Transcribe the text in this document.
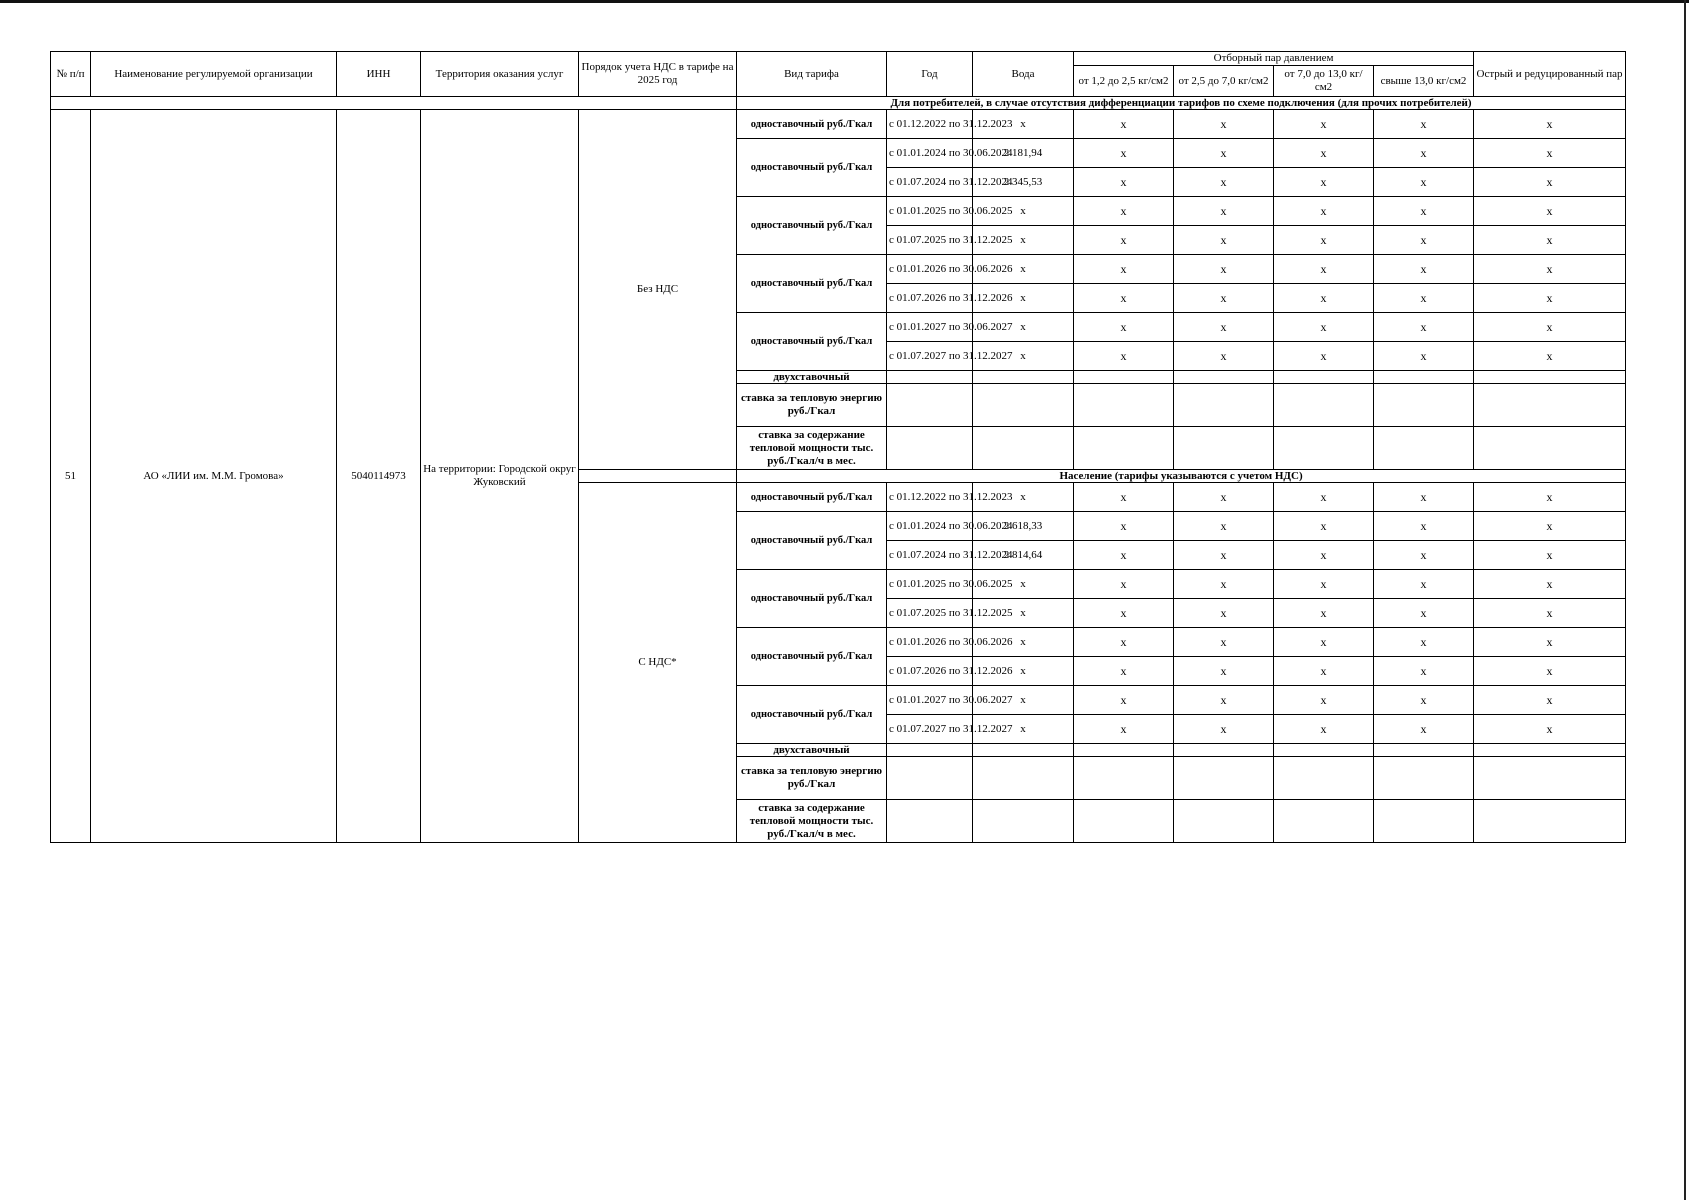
№ п/п	Наименование регулируемой организации	ИНН	Территория оказания услуг	Порядок учета НДС в тарифе на 2025 год	Вид тарифа	Год	Вода	Отборный пар давлением				Острый и редуцированный пар
								от 1,2 до 2,5 кг/см2	от 2,5 до 7,0 кг/см2	от 7,0 до 13,0 кг/см2	свыше 13,0 кг/см2	
					Для потребителей, в случае отсутствия дифференциации тарифов по схеме подключения (для прочих потребителей)							
51	АО «ЛИИ им. М.М. Громова»	5040114973	На территории: Городской округ Жуковский	Без НДС	одноставочный руб./Гкал	с 01.12.2022 по 31.12.2023	x	x	x	x	x	x
					одноставочный руб./Гкал	с 01.01.2024 по 30.06.2024	2 181,94	x	x	x	x	x
						с 01.07.2024 по 31.12.2024	2 345,53	x	x	x	x	x
					одноставочный руб./Гкал	с 01.01.2025 по 30.06.2025	x	x	x	x	x	x
						с 01.07.2025 по 31.12.2025	x	x	x	x	x	x
					одноставочный руб./Гкал	с 01.01.2026 по 30.06.2026	x	x	x	x	x	x
						с 01.07.2026 по 31.12.2026	x	x	x	x	x	x
					одноставочный руб./Гкал	с 01.01.2027 по 30.06.2027	x	x	x	x	x	x
						с 01.07.2027 по 31.12.2027	x	x	x	x	x	x
					двухставочный							
					ставка за тепловую энергию руб./Гкал							
					ставка за содержание тепловой мощности тыс. руб./Гкал/ч в мес.							
					Население (тарифы указываются с учетом НДС)							
				С НДС*	одноставочный руб./Гкал	с 01.12.2022 по 31.12.2023	x	x	x	x	x	x
					одноставочный руб./Гкал	с 01.01.2024 по 30.06.2024	2 618,33	x	x	x	x	x
						с 01.07.2024 по 31.12.2024	2 814,64	x	x	x	x	x
					одноставочный руб./Гкал	с 01.01.2025 по 30.06.2025	x	x	x	x	x	x
						с 01.07.2025 по 31.12.2025	x	x	x	x	x	x
					одноставочный руб./Гкал	с 01.01.2026 по 30.06.2026	x	x	x	x	x	x
						с 01.07.2026 по 31.12.2026	x	x	x	x	x	x
					одноставочный руб./Гкал	с 01.01.2027 по 30.06.2027	x	x	x	x	x	x
						с 01.07.2027 по 31.12.2027	x	x	x	x	x	x
					двухставочный							
					ставка за тепловую энергию руб./Гкал							
					ставка за содержание тепловой мощности тыс. руб./Гкал/ч в мес.							
